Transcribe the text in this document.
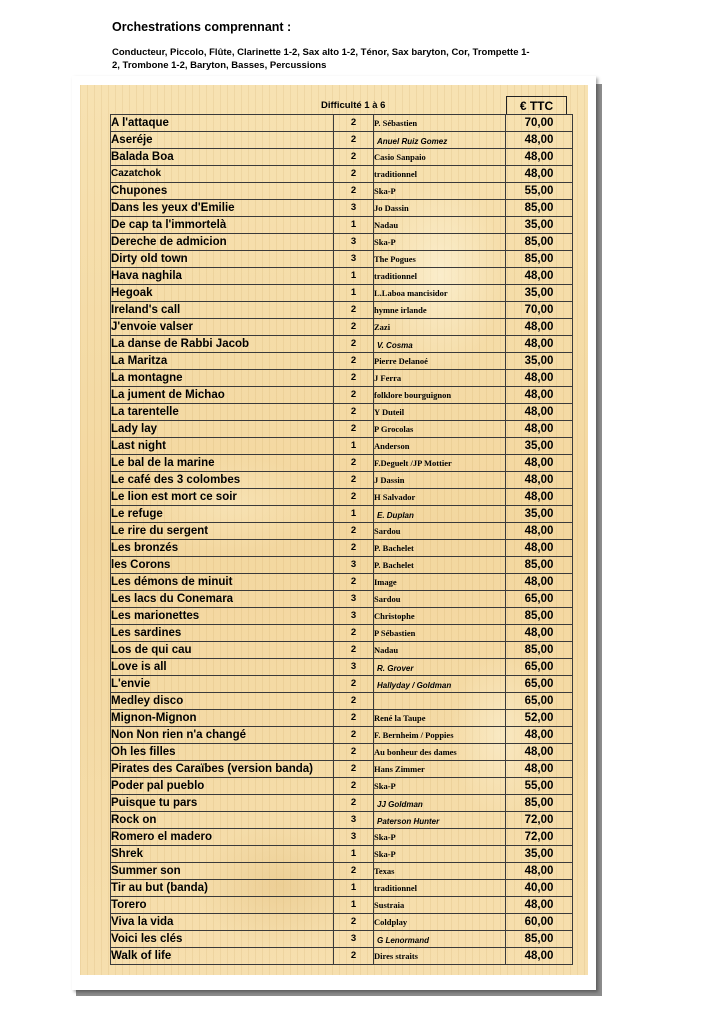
Orchestrations comprennant :
Conducteur, Piccolo, Flûte, Clarinette 1-2, Sax alto 1-2, Ténor, Sax baryton, Cor, Trompette 1-2, Trombone 1-2, Baryton, Basses, Percussions
Difficulté 1 à 6	€ TTC
A l'attaque	2	P. Sébastien	70,00
Aseréje	2	Anuel Ruiz Gomez	48,00
Balada Boa	2	Casio Sanpaio	48,00
Cazatchok	2	traditionnel	48,00
Chupones	2	Ska-P	55,00
Dans les yeux d'Emilie	3	Jo Dassin	85,00
De cap ta l'immortelà	1	Nadau	35,00
Dereche de admicion	3	Ska-P	85,00
Dirty old town	3	The Pogues	85,00
Hava naghila	1	traditionnel	48,00
Hegoak	1	L.Laboa mancisidor	35,00
Ireland's call	2	hymne irlande	70,00
J'envoie valser	2	Zazi	48,00
La danse de Rabbi Jacob	2	V. Cosma	48,00
La Maritza	2	Pierre Delanoé	35,00
La montagne	2	J Ferra	48,00
La jument de Michao	2	folklore bourguignon	48,00
La tarentelle	2	Y Duteil	48,00
Lady lay	2	P Grocolas	48,00
Last night	1	Anderson	35,00
Le bal de la marine	2	F.Deguelt /JP Mottier	48,00
Le café des 3 colombes	2	J Dassin	48,00
Le lion est mort ce soir	2	H Salvador	48,00
Le refuge	1	E. Duplan	35,00
Le rire du sergent	2	Sardou	48,00
Les bronzés	2	P. Bachelet	48,00
les Corons	3	P. Bachelet	85,00
Les démons de minuit	2	Image	48,00
Les lacs du Conemara	3	Sardou	65,00
Les marionettes	3	Christophe	85,00
Les sardines	2	P Sébastien	48,00
Los de qui cau	2	Nadau	85,00
Love is all	3	R. Grover	65,00
L'envie	2	Hallyday / Goldman	65,00
Medley disco	2		65,00
Mignon-Mignon	2	René la Taupe	52,00
Non Non rien n'a changé	2	F. Bernheim / Poppies	48,00
Oh les filles	2	Au bonheur des dames	48,00
Pirates des Caraïbes (version banda)	2	Hans Zimmer	48,00
Poder pal pueblo	2	Ska-P	55,00
Puisque tu pars	2	JJ Goldman	85,00
Rock on	3	Paterson Hunter	72,00
Romero el madero	3	Ska-P	72,00
Shrek	1	Ska-P	35,00
Summer son	2	Texas	48,00
Tir au but (banda)	1	traditionnel	40,00
Torero	1	Sustraia	48,00
Viva la vida	2	Coldplay	60,00
Voici les clés	3	G Lenormand	85,00
Walk of life	2	Dires straits	48,00
